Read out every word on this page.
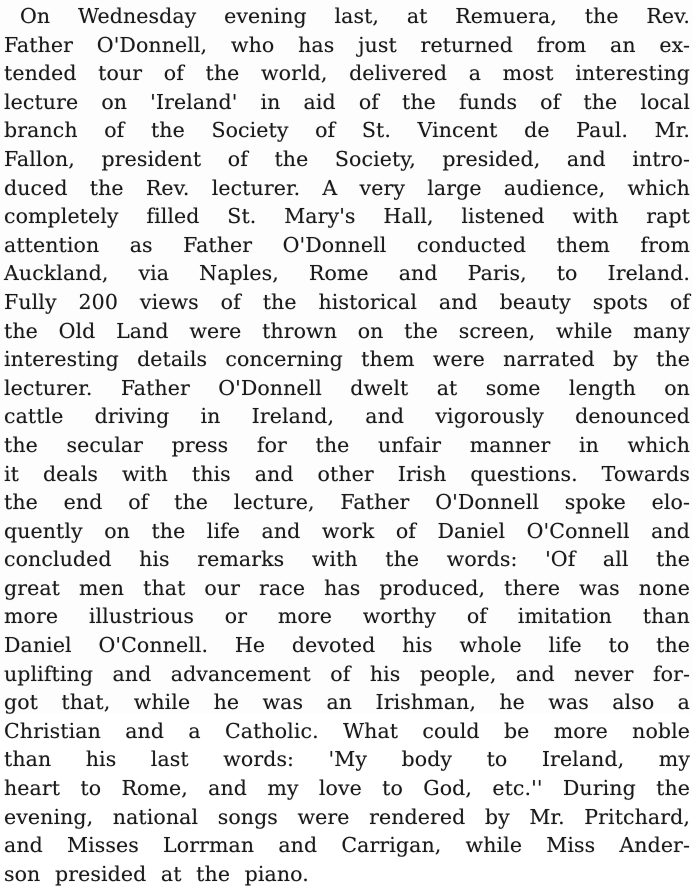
On Wednesday evening last, at Remuera, the Rev.
Father O'Donnell, who has just returned from an ex-
tended tour of the world, delivered a most interesting
lecture on 'Ireland' in aid of the funds of the local
branch of the Society of St. Vincent de Paul. Mr.
Fallon, president of the Society, presided, and intro-
duced the Rev. lecturer. A very large audience, which
completely filled St. Mary's Hall, listened with rapt
attention as Father O'Donnell conducted them from
Auckland, via Naples, Rome and Paris, to Ireland.
Fully 200 views of the historical and beauty spots of
the Old Land were thrown on the screen, while many
interesting details concerning them were narrated by the
lecturer. Father O'Donnell dwelt at some length on
cattle driving in Ireland, and vigorously denounced
the secular press for the unfair manner in which
it deals with this and other Irish questions. Towards
the end of the lecture, Father O'Donnell spoke elo-
quently on the life and work of Daniel O'Connell and
concluded his remarks with the words: 'Of all the
great men that our race has produced, there was none
more illustrious or more worthy of imitation than
Daniel O'Connell. He devoted his whole life to the
uplifting and advancement of his people, and never for-
got that, while he was an Irishman, he was also a
Christian and a Catholic. What could be more noble
than his last words: 'My body to Ireland, my
heart to Rome, and my love to God, etc.'' During the
evening, national songs were rendered by Mr. Pritchard,
and Misses Lorrman and Carrigan, while Miss Ander-
son presided at the piano.
